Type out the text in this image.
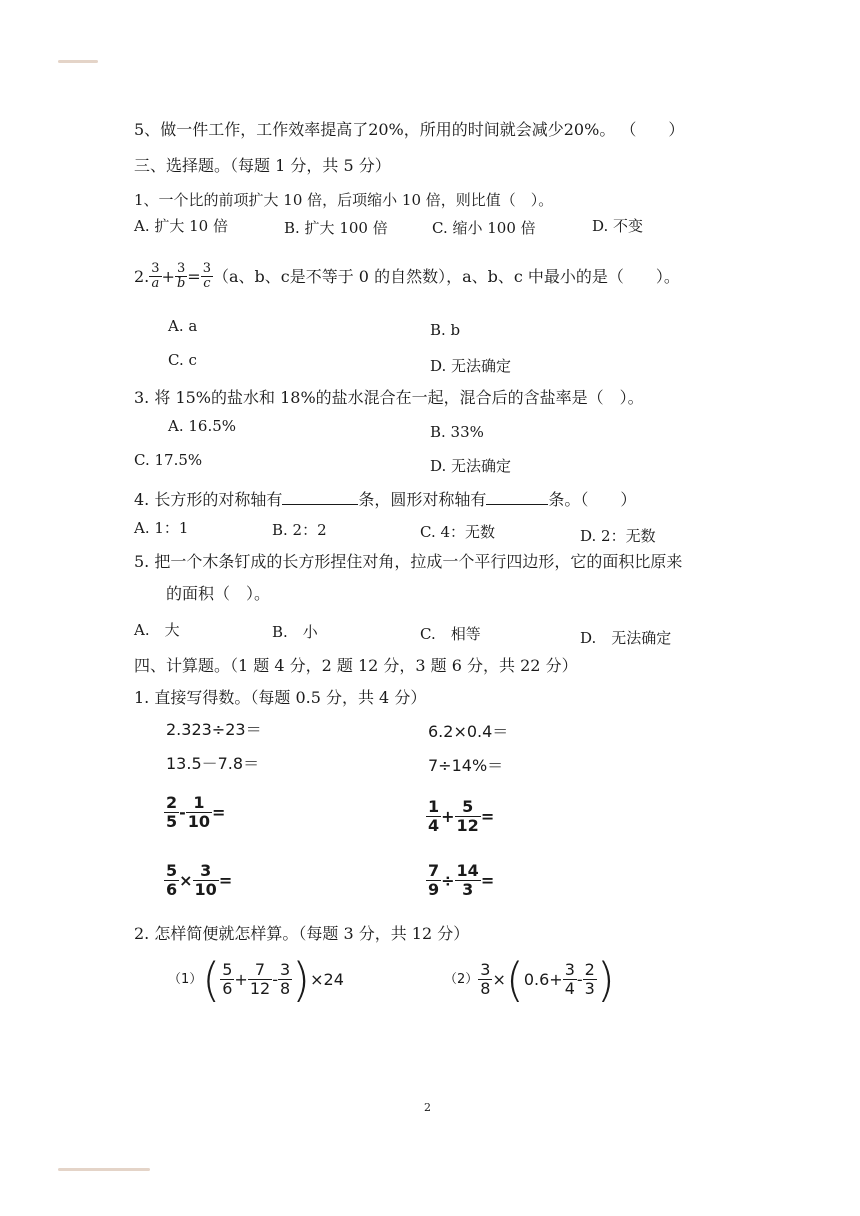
5、做一件工作，工作效率提高了20%，所用的时间就会减少20%。 （　　）
三、选择题。（每题 1 分，共 5 分）
1、一个比的前项扩大 10 倍，后项缩小 10 倍，则比值（　）。
A. 扩大 10 倍	B. 扩大 100 倍	C. 缩小 100 倍	D. 不变
2. $\frac{3}{a} + \frac{3}{b} = \frac{3}{c} (a$、b、c是不等于 0 的自然数），a、b、c 中最小的是（　　）。
A. a	B. b
C. c	D. 无法确定
3. 将 15%的盐水和 18%的盐水混合在一起，混合后的含盐率是（　）。
A. 16.5%	B. 33%
C. 17.5%	D. 无法确定
4. 长方形的对称轴有	条，圆形对称轴有	条。（　　）
A. 1：1	B. 2：2	C. 4：无数	D. 2：无数
5. 把一个木条钉成的长方形捏住对角，拉成一个平行四边形，它的面积比原来
的面积（　）。
A.　大	B.　小	C.　相等	D.　无法确定
四、计算题。（1 题 4 分，2 题 12 分，3 题 6 分，共 22 分）
1. 直接写得数。（每题 0.5 分，共 4 分）
2.323÷23＝	6.2×0.4＝
13.5－7.8＝	7÷14%＝
$\frac{2}{5} - \frac{1}{10}$ =	$\frac{1}{4} + \frac{5}{12}$ =
$\frac{5}{6} \times \frac{3}{10}$ =	$\frac{7}{9} \div \frac{14}{3}$ =
2. 怎样简便就怎样算。（每题 3 分，共 12 分）
$(1)( \frac{5}{6} + \frac{7}{12} - \frac{3}{8} )\times 24$	$(2) \frac{3}{8} \times(0.6+ \frac{3}{4} - \frac{2}{3}$ )
2
